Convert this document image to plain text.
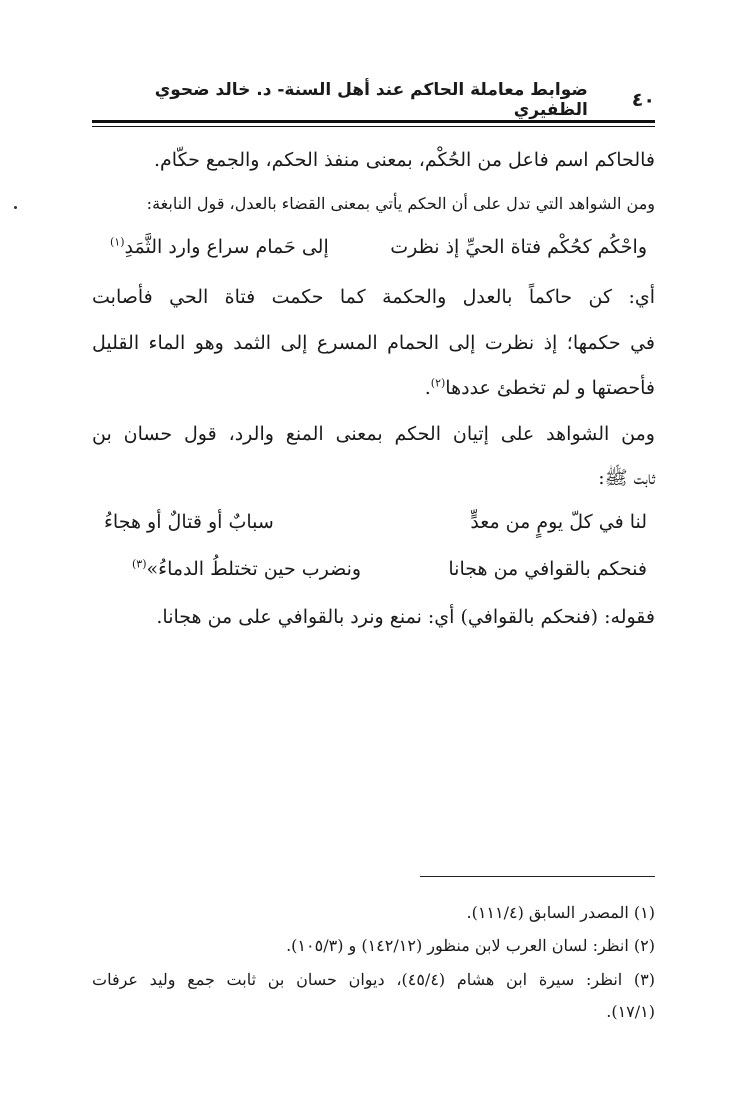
٤٠
ضوابط معاملة الحاكم عند أهل السنة- د. خالد ضحوي الظفيري
فالحاكم اسم فاعل من الحُكْم، بمعنى منفذ الحكم، والجمع حكّام.
ومن الشواهد التي تدل على أن الحكم يأتي بمعنى القضاء بالعدل، قول النابغة:
واحْكُم كحُكْم فتاة الحيِّ إذ نظرت
إلى حَمام سراع وارد الثَّمَدِ$^{(١)}$
أي: كن حاكماً بالعدل والحكمة كما حكمت فتاة الحي فأصابت
في حكمها؛ إذ نظرت إلى الحمام المسرع إلى الثمد وهو الماء القليل
فأحصتها و لم تخطئ عددها$^{(٢)}$.
ومن الشواهد على إتيان الحكم بمعنى المنع والرد، قول حسان بن
ثابت ﷺ:
لنا في كلّ يومٍ من معدٍّ
سبابٌ أو قتالٌ أو هجاءُ
فنحكم بالقوافي من هجانا
ونضرب حين تختلطُ الدماءُ»$^{(٣)}$
فقوله: (فنحكم بالقوافي) أي: نمنع ونرد بالقوافي على من هجانا.
(١) المصدر السابق (١١١/٤).
(٢) انظر: لسان العرب لابن منظور (١٤٢/١٢) و (١٠٥/٣).
(٣) انظر: سيرة ابن هشام (٤٥/٤)، ديوان حسان بن ثابت جمع وليد عرفات
(١٧/١).
